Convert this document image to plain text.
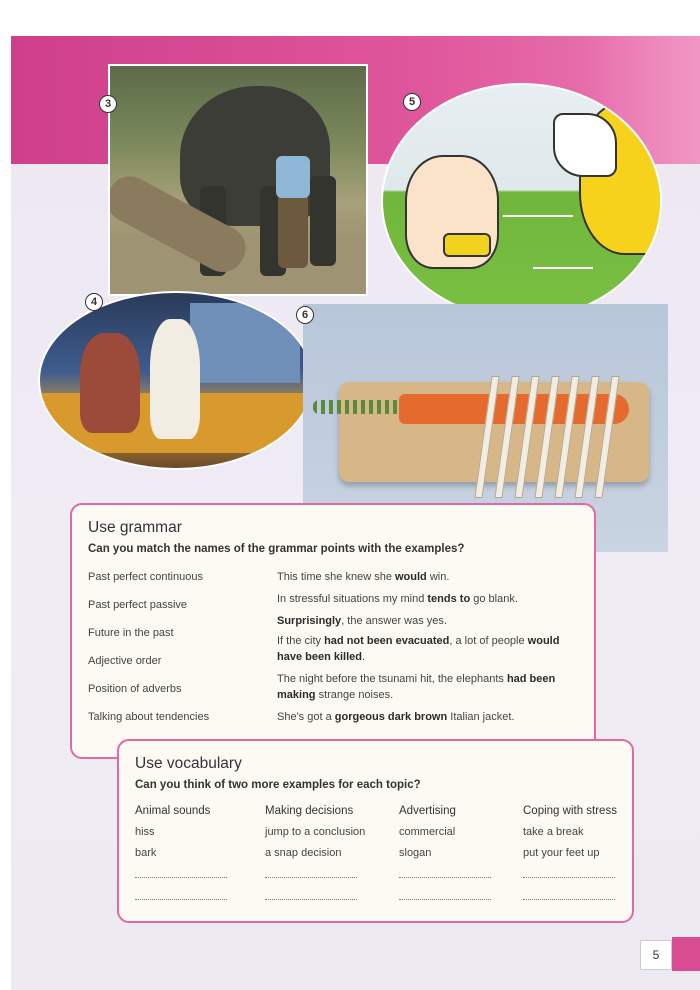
3	5
4
6
Use grammar
Can you match the names of the grammar points with the examples?
Past perfect continuous
Past perfect passive
Future in the past
Adjective order
Position of adverbs
Talking about tendencies
This time she knew she would win.
In stressful situations my mind tends to go blank.
Surprisingly, the answer was yes.
If the city had not been evacuated, a lot of people would have been killed.
The night before the tsunami hit, the elephants had been making strange noises.
She's got a gorgeous dark brown Italian jacket.
Use vocabulary
Can you think of two more examples for each topic?
Animal sounds
hiss
bark
Making decisions
jump to a conclusion
a snap decision
Advertising
commercial
slogan
Coping with stress
take a break
put your feet up
5
